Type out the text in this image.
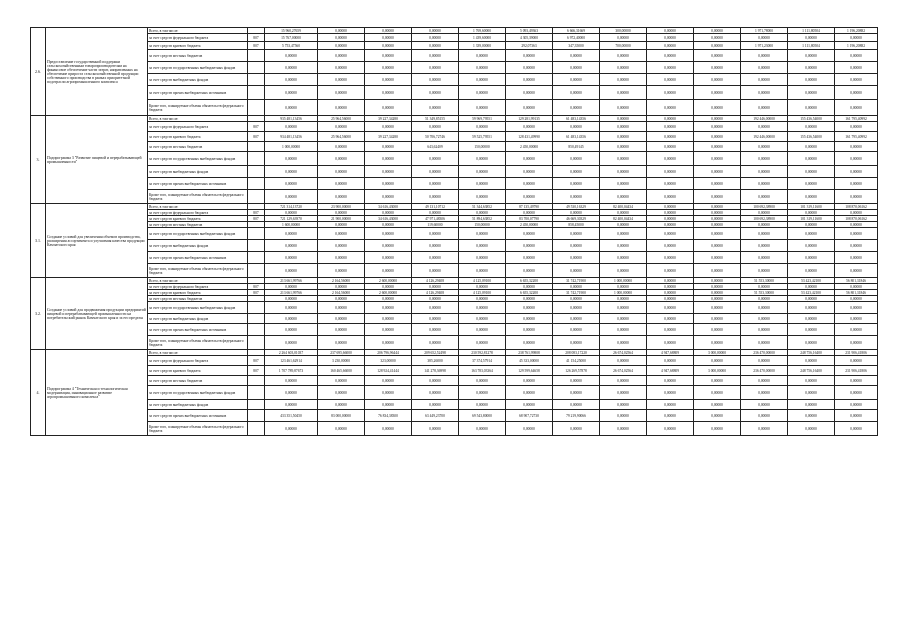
2.6.	Предоставление государственной поддержки сельскохозяйственным товаропроизводителям на финансовое обеспечение части затрат, направленных на обеспечение прироста сельскохозяйственной продукции собственного производства в рамках приоритетной подотрасли агропромышленного комплекса	Всего, в том числе:		15 960,27659	0,00000	0,00000	0,00000	1 769,60000	5 093,49363	6 666,31669	300,00000	0,00000	0,00000	1 971,78000	1 111,80504	1 196,20882
		за счет средств федерального бюджета	807	15 767,00000	0,00000	0,00000	0,00000	1 439,60000	4 305,39000	6 972,40000	0,00000	0,00000	0,00000	0,00000	0,00000	0,00000
		за счет средств краевого бюджета	807	5 753,47560	0,00000	0,00000	0,00000	1 339,00000	292,07363	347,35000	700,00000	0,00000	0,00000	1 971,23000	1 111,80504	1 196,20882
		за счет средств местных бюджетов		0,00000	0,00000	0,00000	0,00000	0,00000	0,00000	0,00000	0,00000	0,00000	0,00000	0,00000	0,00000	0,00000
		за счет средств государственных внебюджетных фондов		0,00000	0,00000	0,00000	0,00000	0,00000	0,00000	0,00000	0,00000	0,00000	0,00000	0,00000	0,00000	0,00000
		за счет средств внебюджетных фондов		0,00000	0,00000	0,00000	0,00000	0,00000	0,00000	0,00000	0,00000	0,00000	0,00000	0,00000	0,00000	0,00000
		за счет средств прочих внебюджетных источников		0,00000	0,00000	0,00000	0,00000	0,00000	0,00000	0,00000	0,00000	0,00000	0,00000	0,00000	0,00000	0,00000
		Кроме того, планируемые объемы обязательств федерального бюджета		0,00000	0,00000	0,00000	0,00000	0,00000	0,00000	0,00000	0,00000	0,00000	0,00000	0,00000	0,00000	0,00000
3.	Подпрограмма 3 "Развитие пищевой и перерабатывающей промышленности"	Всего, в том числе:		935 481,13456	25 964,56000	39 227,34280	51 349,85155	59 969,79551	129 281,99135	61 483,14356	0,00000	0,00000	0,00000	192 446,00000	155 436,54000	161 795,40992
		за счет средств федерального бюджета	807	0,00000	0,00000	0,00000	0,00000	0,00000	0,00000	0,00000	0,00000	0,00000	0,00000	0,00000	0,00000	0,00000
		за счет средств краевого бюджета	807	934 481,13456	25 964,56000	39 227,34280	50 706,72746	59 525,79551	128 431,49990	61 483,14356	0,00000	0,00000	0,00000	192 446,00000	155 436,54000	161 795,40992
		за счет средств местных бюджетов		1 000,00000	0,00000	0,00000	643,62409	150,00000	2 450,00000	850,49145	0,00000	0,00000	0,00000	0,00000	0,00000	0,00000
		за счет средств государственных внебюджетных фондов		0,00000	0,00000	0,00000	0,00000	0,00000	0,00000	0,00000	0,00000	0,00000	0,00000	0,00000	0,00000	0,00000
		за счет средств внебюджетных фондов		0,00000	0,00000	0,00000	0,00000	0,00000	0,00000	0,00000	0,00000	0,00000	0,00000	0,00000	0,00000	0,00000
		за счет средств прочих внебюджетных источников		0,00000	0,00000	0,00000	0,00000	0,00000	0,00000	0,00000	0,00000	0,00000	0,00000	0,00000	0,00000	0,00000
		Кроме того, планируемые объемы обязательств федерального бюджета		0,00000	0,00000	0,00000	0,00000	0,00000	0,00000	0,00000	0,00000	0,00000	0,00000	0,00000	0,00000	0,00000
3.1.	Создание условий для увеличения объемов производства, расширения ассортимента и улучшения качества продукции Камчатского края	Всего, в том числе:		721 314,13720	23 900,00000	34 616,43000	49 131,10712	51 344,63852	87 135,49790	49 530,16329	82 400,04434	0,00000	0,00000	100 692,38900	101 319,11600	108 870,06162
		за счет средств федерального бюджета	807	0,00000	0,00000	0,00000	0,00000	0,00000	0,00000	0,00000	0,00000	0,00000	0,00000	0,00000	0,00000	0,00000
		за счет средств краевого бюджета	807	721 129,63970	21 900,00000	34 616,43000	47 971,48306	51 894,63852	83 700,07790	46 669,30329	82 400,04434	0,00000	0,00000	100 692,38900	101 319,11600	108 870,06162
		за счет средств местных бюджетов		1 600,00000	0,00000	0,00000	119,60000	150,00000	2 450,00000	858,45000	0,00000	0,00000	0,00000	0,00000	0,00000	0,00000
		за счет средств государственных внебюджетных фондов		0,00000	0,00000	0,00000	0,00000	0,00000	0,00000	0,00000	0,00000	0,00000	0,00000	0,00000	0,00000	0,00000
		за счет средств внебюджетных фондов		0,00000	0,00000	0,00000	0,00000	0,00000	0,00000	0,00000	0,00000	0,00000	0,00000	0,00000	0,00000	0,00000
		за счет средств прочих внебюджетных источников		0,00000	0,00000	0,00000	0,00000	0,00000	0,00000	0,00000	0,00000	0,00000	0,00000	0,00000	0,00000	0,00000
		Кроме того, планируемые объемы обязательств федерального бюджета		0,00000	0,00000	0,00000	0,00000	0,00000	0,00000	0,00000	0,00000	0,00000	0,00000	0,00000	0,00000	0,00000
3.2.	Создание условий для продвижения продукции предприятий пищевой и перерабатывающей промышленности на потребительский рынок Камчатского края и за его пределы	Всего, в том числе:		213 661,99766	2 164,56000	2 600,00000	4 126,29408	4 125,09100	6 655,32200	31 742,71900	1 000,00000	0,00000	0,00000	51 553,30000	53 423,42100	56 801,31846
		за счет средств федерального бюджета	807	0,00000	0,00000	0,00000	0,00000	0,00000	0,00000	0,00000	0,00000	0,00000	0,00000	0,00000	0,00000	0,00000
		за счет средств краевого бюджета	807	213 661,99766	2 164,56000	2 600,00000	4 126,29408	4 125,09100	6 655,32200	31 742,71900	1 000,00000	0,00000	0,00000	51 553,30000	53 423,42100	56 801,31846
		за счет средств местных бюджетов		0,00000	0,00000	0,00000	0,00000	0,00000	0,00000	0,00000	0,00000	0,00000	0,00000	0,00000	0,00000	0,00000
		за счет средств государственных внебюджетных фондов		0,00000	0,00000	0,00000	0,00000	0,00000	0,00000	0,00000	0,00000	0,00000	0,00000	0,00000	0,00000	0,00000
		за счет средств внебюджетных фондов		0,00000	0,00000	0,00000	0,00000	0,00000	0,00000	0,00000	0,00000	0,00000	0,00000	0,00000	0,00000	0,00000
		за счет средств прочих внебюджетных источников		0,00000	0,00000	0,00000	0,00000	0,00000	0,00000	0,00000	0,00000	0,00000	0,00000	0,00000	0,00000	0,00000
		Кроме того, планируемые объемы обязательств федерального бюджета		0,00000	0,00000	0,00000	0,00000	0,00000	0,00000	0,00000	0,00000	0,00000	0,00000	0,00000	0,00000	0,00000
4.	Подпрограмма 4 "Техническая и технологическая модернизация, инновационное развитие агропромышленного комплекса"	Всего, в том числе:		2 264 603,01037	237 695,66000	206 796,96444	209 652,52498	230 592,81278	238 761,99808	208 083,17220	26 674,02564	4 947,68809	3 000,00000	236 470,00000	248 756,16400	231 906,41806
		за счет средств федерального бюджета	807	123 461,62914	3 230,00000	323,00000	385,26000	37 374,57914	45 333,00000	41 154,25000	0,00000	0,00000	0,00000	0,00000	0,00000	0,00000
		за счет средств краевого бюджета	807	1 707 789,87673	160 465,66000	128 924,41444	141 278,36998	163 783,03364	129 599,64658	126 269,57878	26 674,02564	4 947,68809	3 000,00000	236 470,00000	248 756,16400	231 906,41806
		за счет средств местных бюджетов		0,00000	0,00000	0,00000	0,00000	0,00000	0,00000	0,00000	0,00000	0,00000	0,00000	0,00000	0,00000	0,00000
		за счет средств государственных внебюджетных фондов		0,00000	0,00000	0,00000	0,00000	0,00000	0,00000	0,00000	0,00000	0,00000	0,00000	0,00000	0,00000	0,00000
		за счет средств внебюджетных фондов		0,00000	0,00000	0,00000	0,00000	0,00000	0,00000	0,00000	0,00000	0,00000	0,00000	0,00000	0,00000	0,00000
		за счет средств прочих внебюджетных источников		433 351,50450	83 000,00000	76 834,38300	63 449,23700	69 543,80000	68 907,72730	79 219,90066	0,00000	0,00000	0,00000	0,00000	0,00000	0,00000
		Кроме того, планируемые объемы обязательств федерального бюджета		0,00000	0,00000	0,00000	0,00000	0,00000	0,00000	0,00000	0,00000	0,00000	0,00000	0,00000	0,00000	0,00000
